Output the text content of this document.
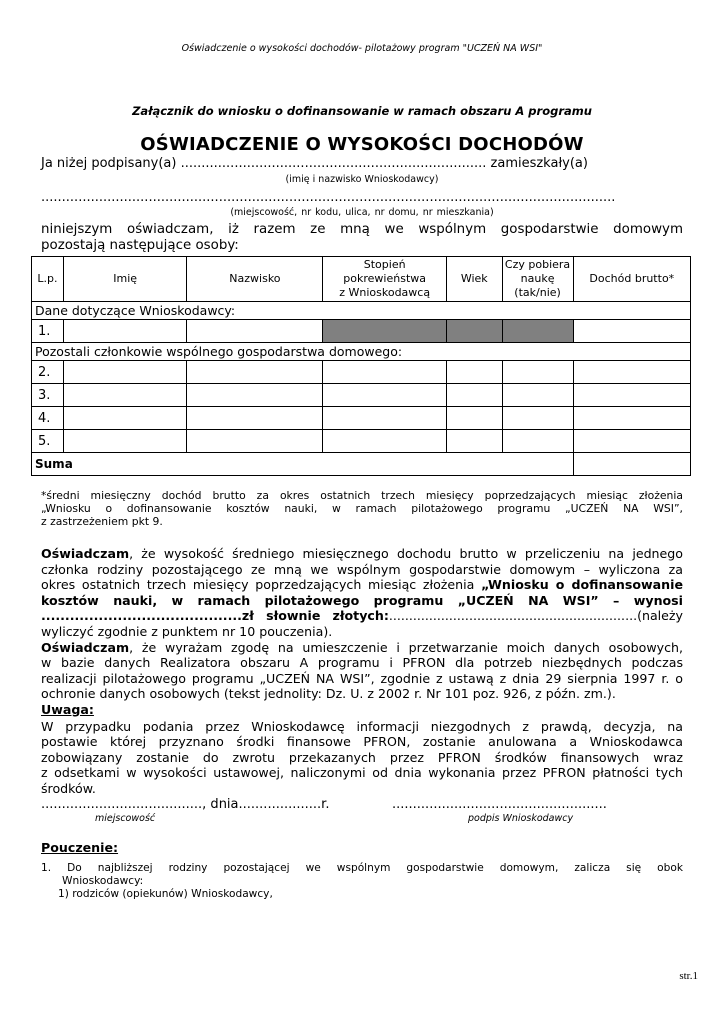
Oświadczenie o wysokości dochodów- pilotażowy program "UCZEŃ NA WSI"
Załącznik do wniosku o dofinansowanie w ramach obszaru A programu
OŚWIADCZENIE O WYSOKOŚCI DOCHODÓW
Ja niżej podpisany(a) .......................................................................... zamieszkały(a)
(imię i nazwisko Wnioskodawcy)
...........................................................................................................................................
(miejscowość, nr kodu, ulica, nr domu, nr mieszkania)
niniejszym oświadczam, iż razem ze mną we wspólnym gospodarstwie domowym
pozostają następujące osoby:
L.p.	Imię	Nazwisko	Stopień
pokrewieństwa
z Wnioskodawcą	Wiek	Czy pobiera
naukę
(tak/nie)	Dochód brutto*
Dane dotyczące Wnioskodawcy:						
1.						
Pozostali członkowie wspólnego gospodarstwa domowego:						
2.						
3.						
4.						
5.						
Suma						
*średni miesięczny dochód brutto za okres ostatnich trzech miesięcy poprzedzających miesiąc złożenia
„Wniosku o dofinansowanie kosztów nauki, w ramach pilotażowego programu „UCZEŃ NA WSI”,
z zastrzeżeniem pkt 9.
Oświadczam, że wysokość średniego miesięcznego dochodu brutto w przeliczeniu na jednego
członka rodziny pozostającego ze mną we wspólnym gospodarstwie domowym – wyliczona za
okres ostatnich trzech miesięcy poprzedzających miesiąc złożenia „Wniosku o dofinansowanie
kosztów nauki, w ramach pilotażowego programu „UCZEŃ NA WSI” – wynosi
..........................................zł słownie złotych:..............................................................(należy
wyliczyć zgodnie z punktem nr 10 pouczenia).
Oświadczam, że wyrażam zgodę na umieszczenie i przetwarzanie moich danych osobowych,
w bazie danych Realizatora obszaru A programu i PFRON dla potrzeb niezbędnych podczas
realizacji pilotażowego programu „UCZEŃ NA WSI”, zgodnie z ustawą z dnia 29 sierpnia 1997 r. o
ochronie danych osobowych (tekst jednolity: Dz. U. z 2002 r. Nr 101 poz. 926, z późn. zm.).
Uwaga:
W przypadku podania przez Wnioskodawcę informacji niezgodnych z prawdą, decyzja, na
postawie której przyznano środki finansowe PFRON, zostanie anulowana a Wnioskodawca
zobowiązany zostanie do zwrotu przekazanych przez PFRON środków finansowych wraz
z odsetkami w wysokości ustawowej, naliczonymi od dnia wykonania przez PFRON płatności tych
środków.
......................................., dnia....................r.	....................................................
miejscowość	podpis Wnioskodawcy
Pouczenie:
1. Do najbliższej rodziny pozostającej we wspólnym gospodarstwie domowym, zalicza się obok
Wnioskodawcy:
1) rodziców (opiekunów) Wnioskodawcy,
str.1
